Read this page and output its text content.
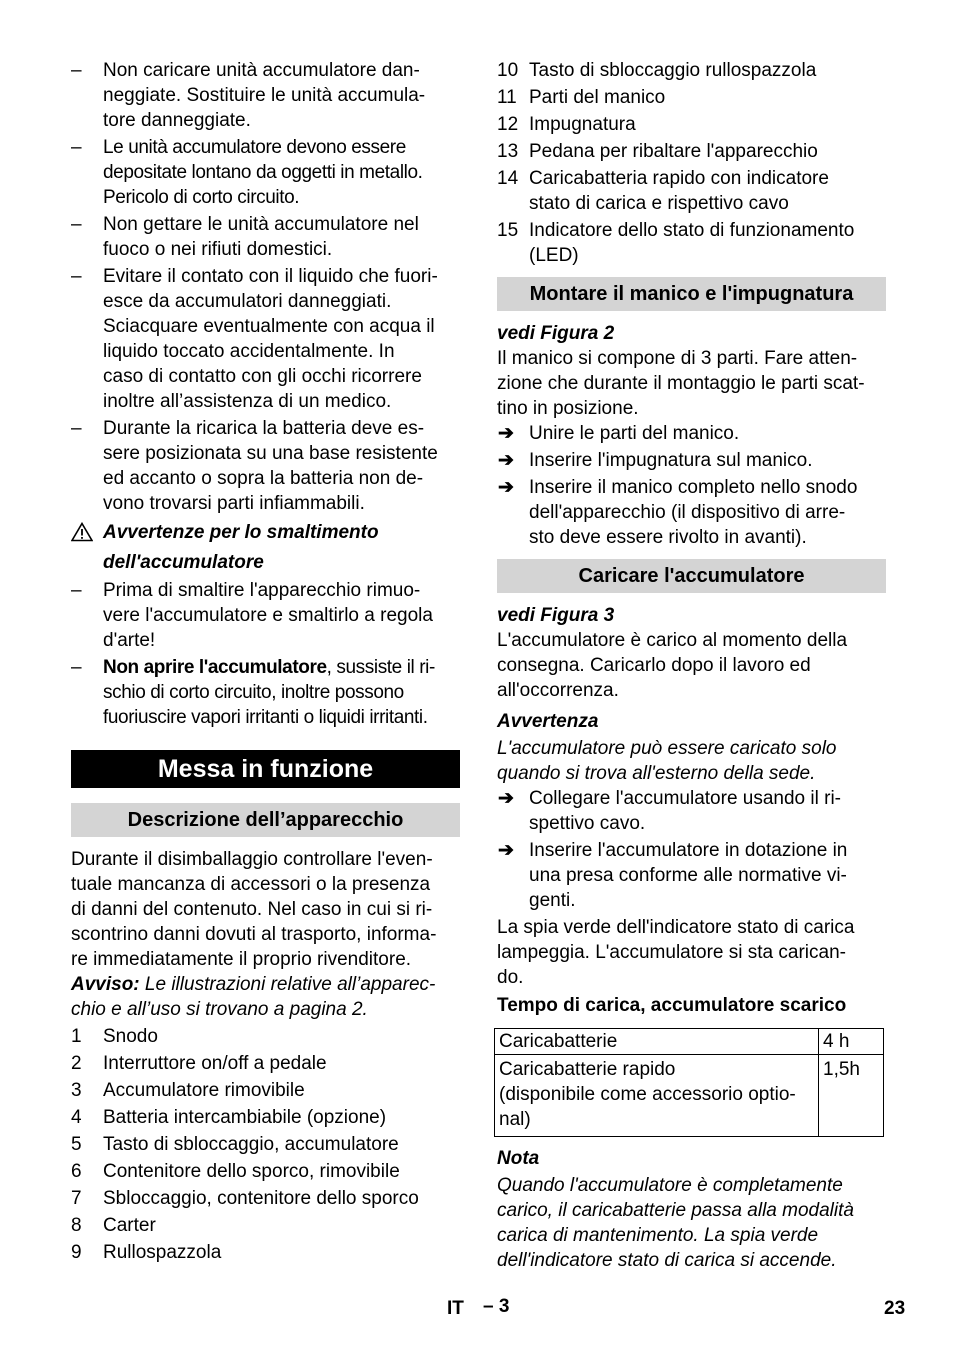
– Non caricare unità accumulatore dan-
neggiate. Sostituire le unità accumula-
tore danneggiate.
– Le unità accumulatore devono essere
depositate lontano da oggetti in metallo.
Pericolo di corto circuito.
– Non gettare le unità accumulatore nel
fuoco o nei rifiuti domestici.
– Evitare il contato con il liquido che fuori-
esce da accumulatori danneggiati.
Sciacquare eventualmente con acqua il
liquido toccato accidentalmente. In
caso di contatto con gli occhi ricorrere
inoltre all’assistenza di un medico.
– Durante la ricarica la batteria deve es-
sere posizionata su una base resistente
ed accanto o sopra la batteria non de-
vono trovarsi parti infiammabili.
Avvertenze per lo smaltimento
dell'accumulatore
– Prima di smaltire l'apparecchio rimuo-
vere l'accumulatore e smaltirlo a regola
d'arte!
– Non aprire l'accumulatore, sussiste il ri-
schio di corto circuito, inoltre possono
fuoriuscire vapori irritanti o liquidi irritanti.
Messa in funzione
Descrizione dell’apparecchio
Durante il disimballaggio controllare l'even-
tuale mancanza di accessori o la presenza
di danni del contenuto. Nel caso in cui si ri-
scontrino danni dovuti al trasporto, informa-
re immediatamente il proprio rivenditore.
Avviso: Le illustrazioni relative all’apparec-
chio e all’uso si trovano a pagina 2.
1 Snodo
2 Interruttore on/off a pedale
3 Accumulatore rimovibile
4 Batteria intercambiabile (opzione)
5 Tasto di sbloccaggio, accumulatore
6 Contenitore dello sporco, rimovibile
7 Sbloccaggio, contenitore dello sporco
8 Carter
9 Rullospazzola
10 Tasto di sbloccaggio rullospazzola
11 Parti del manico
12 Impugnatura
13 Pedana per ribaltare l'apparecchio
14 Caricabatteria rapido con indicatore
stato di carica e rispettivo cavo
15 Indicatore dello stato di funzionamento
(LED)
Montare il manico e l'impugnatura
vedi Figura 2
Il manico si compone di 3 parti. Fare atten-
zione che durante il montaggio le parti scat-
tino in posizione.
➔ Unire le parti del manico.
➔ Inserire l'impugnatura sul manico.
➔ Inserire il manico completo nello snodo
dell'apparecchio (il dispositivo di arre-
sto deve essere rivolto in avanti).
Caricare l'accumulatore
vedi Figura 3
L'accumulatore è carico al momento della
consegna. Caricarlo dopo il lavoro ed
all'occorrenza.
Avvertenza
L'accumulatore può essere caricato solo
quando si trova all'esterno della sede.
➔ Collegare l'accumulatore usando il ri-
spettivo cavo.
➔ Inserire l'accumulatore in dotazione in
una presa conforme alle normative vi-
genti.
La spia verde dell'indicatore stato di carica
lampeggia. L'accumulatore si sta carican-
do.
Tempo di carica, accumulatore scarico
Caricabatterie	4 h
Caricabatterie rapido
(disponibile come accessorio optio-
nal)	1,5h
Nota
Quando l'accumulatore è completamente
carico, il caricabatterie passa alla modalità
carica di mantenimento. La spia verde
dell'indicatore stato di carica si accende.
IT – 3	23
